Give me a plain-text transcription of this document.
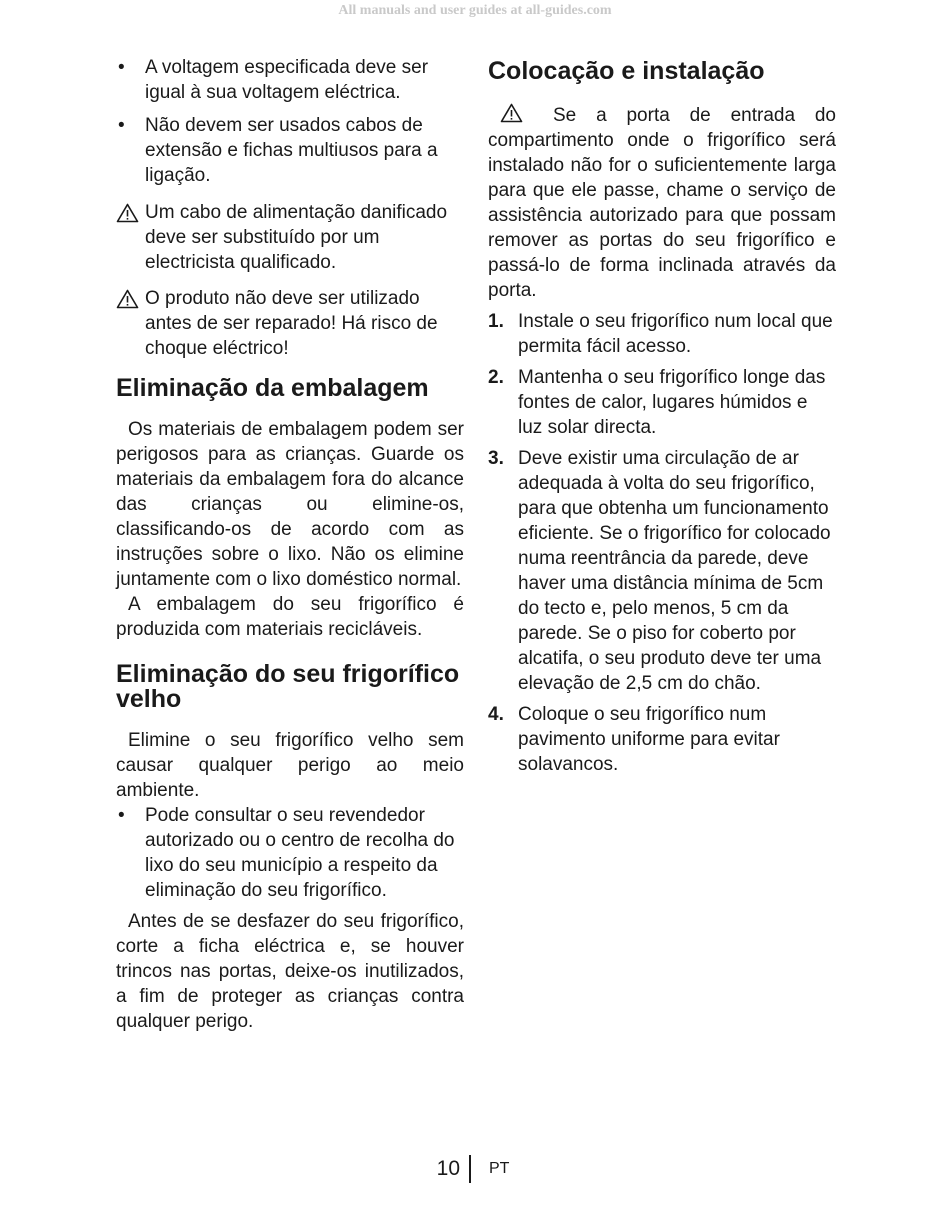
All manuals and user guides at all-guides.com
•	A voltagem especificada deve ser igual à sua voltagem eléctrica.
•	Não devem ser usados cabos de extensão e fichas multiusos para a ligação.
Um cabo de alimentação danificado deve ser substituído por um electricista qualificado.
O produto não deve ser utilizado antes de ser reparado! Há risco de choque eléctrico!
Eliminação da embalagem

Os materiais de embalagem podem ser perigosos para as crianças. Guarde os materiais da embalagem fora do alcance das crianças ou elimine-os, classificando-os de acordo com as instruções sobre o lixo. Não os elimine juntamente com o lixo doméstico normal.

A embalagem do seu frigorífico é produzida com materiais recicláveis.

Eliminação do seu frigorífico velho

Elimine o seu frigorífico velho sem causar qualquer perigo ao meio ambiente.

•	Pode consultar o seu revendedor autorizado ou o centro de recolha do lixo do seu município a respeito da eliminação do seu frigorífico.

Antes de se desfazer do seu frigorífico, corte a ficha eléctrica e, se houver trincos nas portas, deixe-os inutilizados, a fim de proteger as crianças contra qualquer perigo.

Colocação e instalação

Se a porta de entrada do compartimento onde o frigorífico será instalado não for o suficientemente larga para que ele passe, chame o serviço de assistência autorizado para que possam remover as portas do seu frigorífico e passá-lo de forma inclinada através da porta.

1. Instale o seu frigorífico num local que permita fácil acesso.
2. Mantenha o seu frigorífico longe das fontes de calor, lugares húmidos e luz solar directa.
3. Deve existir uma circulação de ar adequada à volta do seu frigorífico, para que obtenha um funcionamento eficiente. Se o frigorífico for colocado numa reentrância da parede, deve haver uma distância mínima de 5cm do tecto e, pelo menos, 5 cm da parede. Se o piso for coberto por alcatifa, o seu produto deve ter uma elevação de 2,5 cm do chão.
4. Coloque o seu frigorífico num pavimento uniforme para evitar solavancos.
10 PT
